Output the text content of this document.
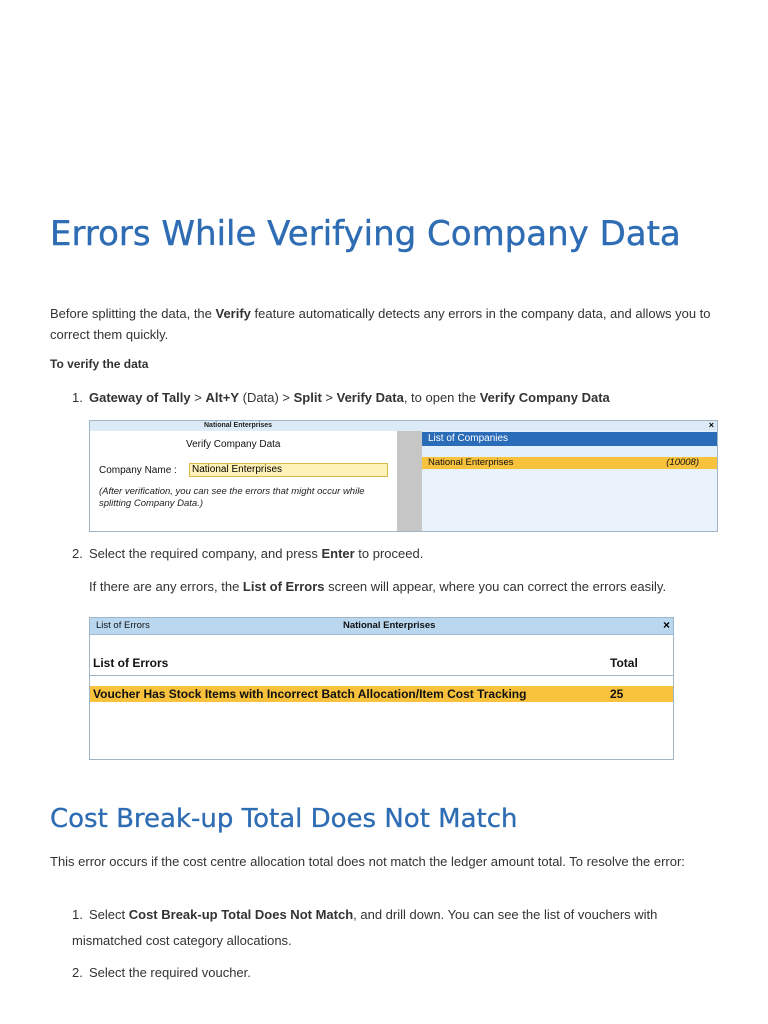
Errors While Verifying Company Data

Before splitting the data, the Verify feature automatically detects any errors in the company data, and allows you to correct them quickly.

To verify the data

1. Gateway of Tally > Alt+Y (Data) > Split > Verify Data, to open the Verify Company Data
National Enterprises	×
Verify Company Data
Company Name :	National Enterprises
(After verification, you can see the errors that might occur while splitting Company Data.)
List of Companies
National Enterprises	(10008)
2. Select the required company, and press Enter to proceed.

If there are any errors, the List of Errors screen will appear, where you can correct the errors easily.

List of Errors	National Enterprises	×
List of Errors	Total
Voucher Has Stock Items with Incorrect Batch Allocation/Item Cost Tracking	25
Cost Break-up Total Does Not Match

This error occurs if the cost centre allocation total does not match the ledger amount total. To resolve the error:

1. Select Cost Break-up Total Does Not Match, and drill down. You can see the list of vouchers with mismatched cost category allocations.
2. Select the required voucher.
